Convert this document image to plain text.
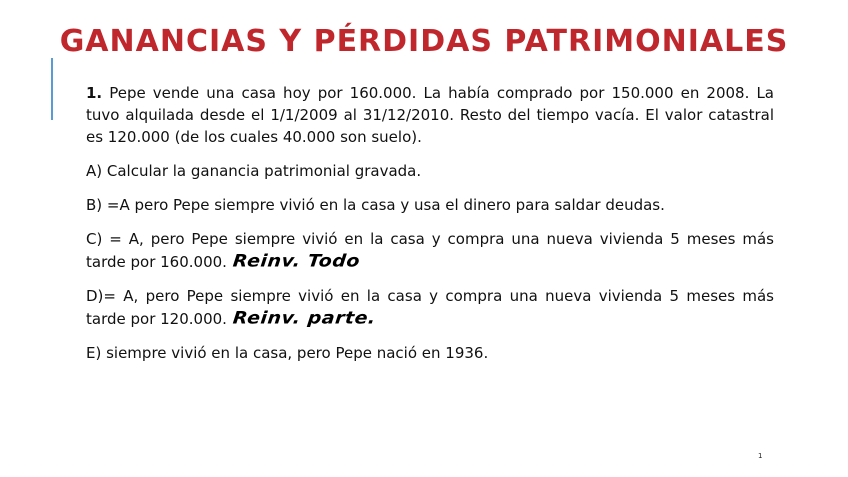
GANANCIAS Y PÉRDIDAS PATRIMONIALES

1. Pepe vende una casa hoy por 160.000. La había comprado por 150.000 en 2008. La tuvo alquilada desde el 1/1/2009 al 31/12/2010. Resto del tiempo vacía. El valor catastral es 120.000 (de los cuales 40.000 son suelo).

A) Calcular la ganancia patrimonial gravada.

B) =A pero Pepe siempre vivió en la casa y usa el dinero para saldar deudas.

C) = A, pero Pepe siempre vivió en la casa y compra una nueva vivienda 5 meses más tarde por 160.000. Reinv. Todo

D)= A, pero Pepe siempre vivió en la casa y compra una nueva vivienda 5 meses más tarde por 120.000. Reinv. parte.

E) siempre vivió en la casa, pero Pepe nació en 1936.

1
